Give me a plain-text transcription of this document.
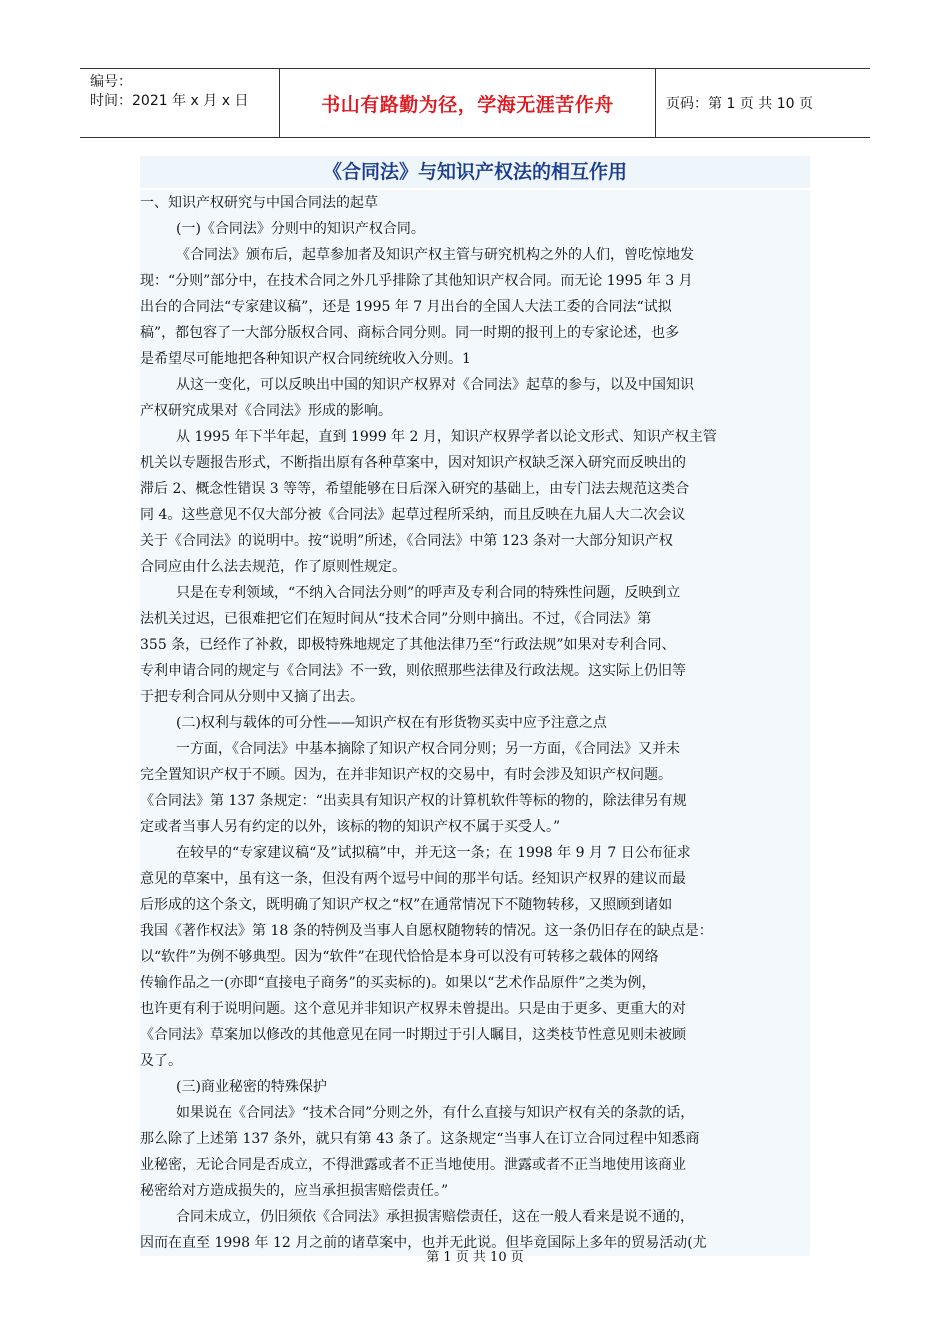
编号：
时间：2021 年 x 月 x 日	书山有路勤为径，学海无涯苦作舟	页码：第 1 页 共 10 页
《合同法》与知识产权法的相互作用
一、知识产权研究与中国合同法的起草
(一)《合同法》分则中的知识产权合同。
《合同法》颁布后，起草参加者及知识产权主管与研究机构之外的人们，曾吃惊地发
现：“分则”部分中，在技术合同之外几乎排除了其他知识产权合同。而无论 1995 年 3 月
出台的合同法“专家建议稿”，还是 1995 年 7 月出台的全国人大法工委的合同法“试拟
稿”，都包容了一大部分版权合同、商标合同分则。同一时期的报刊上的专家论述，也多
是希望尽可能地把各种知识产权合同统统收入分则。1
从这一变化，可以反映出中国的知识产权界对《合同法》起草的参与，以及中国知识
产权研究成果对《合同法》形成的影响。
从 1995 年下半年起，直到 1999 年 2 月，知识产权界学者以论文形式、知识产权主管
机关以专题报告形式，不断指出原有各种草案中，因对知识产权缺乏深入研究而反映出的
滞后 2、概念性错误 3 等等，希望能够在日后深入研究的基础上，由专门法去规范这类合
同 4。这些意见不仅大部分被《合同法》起草过程所采纳，而且反映在九届人大二次会议
关于《合同法》的说明中。按“说明”所述，《合同法》中第 123 条对一大部分知识产权
合同应由什么法去规范，作了原则性规定。
只是在专利领域，“不纳入合同法分则”的呼声及专利合同的特殊性问题，反映到立
法机关过迟，已很难把它们在短时间从“技术合同”分则中摘出。不过，《合同法》第
355 条，已经作了补救，即极特殊地规定了其他法律乃至“行政法规”如果对专利合同、
专利申请合同的规定与《合同法》不一致，则依照那些法律及行政法规。这实际上仍旧等
于把专利合同从分则中又摘了出去。
(二)权利与载体的可分性——知识产权在有形货物买卖中应予注意之点
一方面，《合同法》中基本摘除了知识产权合同分则；另一方面，《合同法》又并未
完全置知识产权于不顾。因为，在并非知识产权的交易中，有时会涉及知识产权问题。
《合同法》第 137 条规定：“出卖具有知识产权的计算机软件等标的物的，除法律另有规
定或者当事人另有约定的以外，该标的物的知识产权不属于买受人。”
在较早的“专家建议稿“及”试拟稿”中，并无这一条；在 1998 年 9 月 7 日公布征求
意见的草案中，虽有这一条，但没有两个逗号中间的那半句话。经知识产权界的建议而最
后形成的这个条文，既明确了知识产权之“权”在通常情况下不随物转移，又照顾到诸如
我国《著作权法》第 18 条的特例及当事人自愿权随物转的情况。这一条仍旧存在的缺点是：
以“软件”为例不够典型。因为“软件”在现代恰恰是本身可以没有可转移之载体的网络
传输作品之一(亦即“直接电子商务”的买卖标的)。如果以“艺术作品原件”之类为例，
也许更有利于说明问题。这个意见并非知识产权界未曾提出。只是由于更多、更重大的对
《合同法》草案加以修改的其他意见在同一时期过于引人瞩目，这类枝节性意见则未被顾
及了。
(三)商业秘密的特殊保护
如果说在《合同法》“技术合同”分则之外，有什么直接与知识产权有关的条款的话，
那么除了上述第 137 条外，就只有第 43 条了。这条规定“当事人在订立合同过程中知悉商
业秘密，无论合同是否成立，不得泄露或者不正当地使用。泄露或者不正当地使用该商业
秘密给对方造成损失的，应当承担损害赔偿责任。”
合同未成立，仍旧须依《合同法》承担损害赔偿责任，这在一般人看来是说不通的，
因而在直至 1998 年 12 月之前的诸草案中，也并无此说。但毕竟国际上多年的贸易活动(尤
第 1 页 共 10 页
